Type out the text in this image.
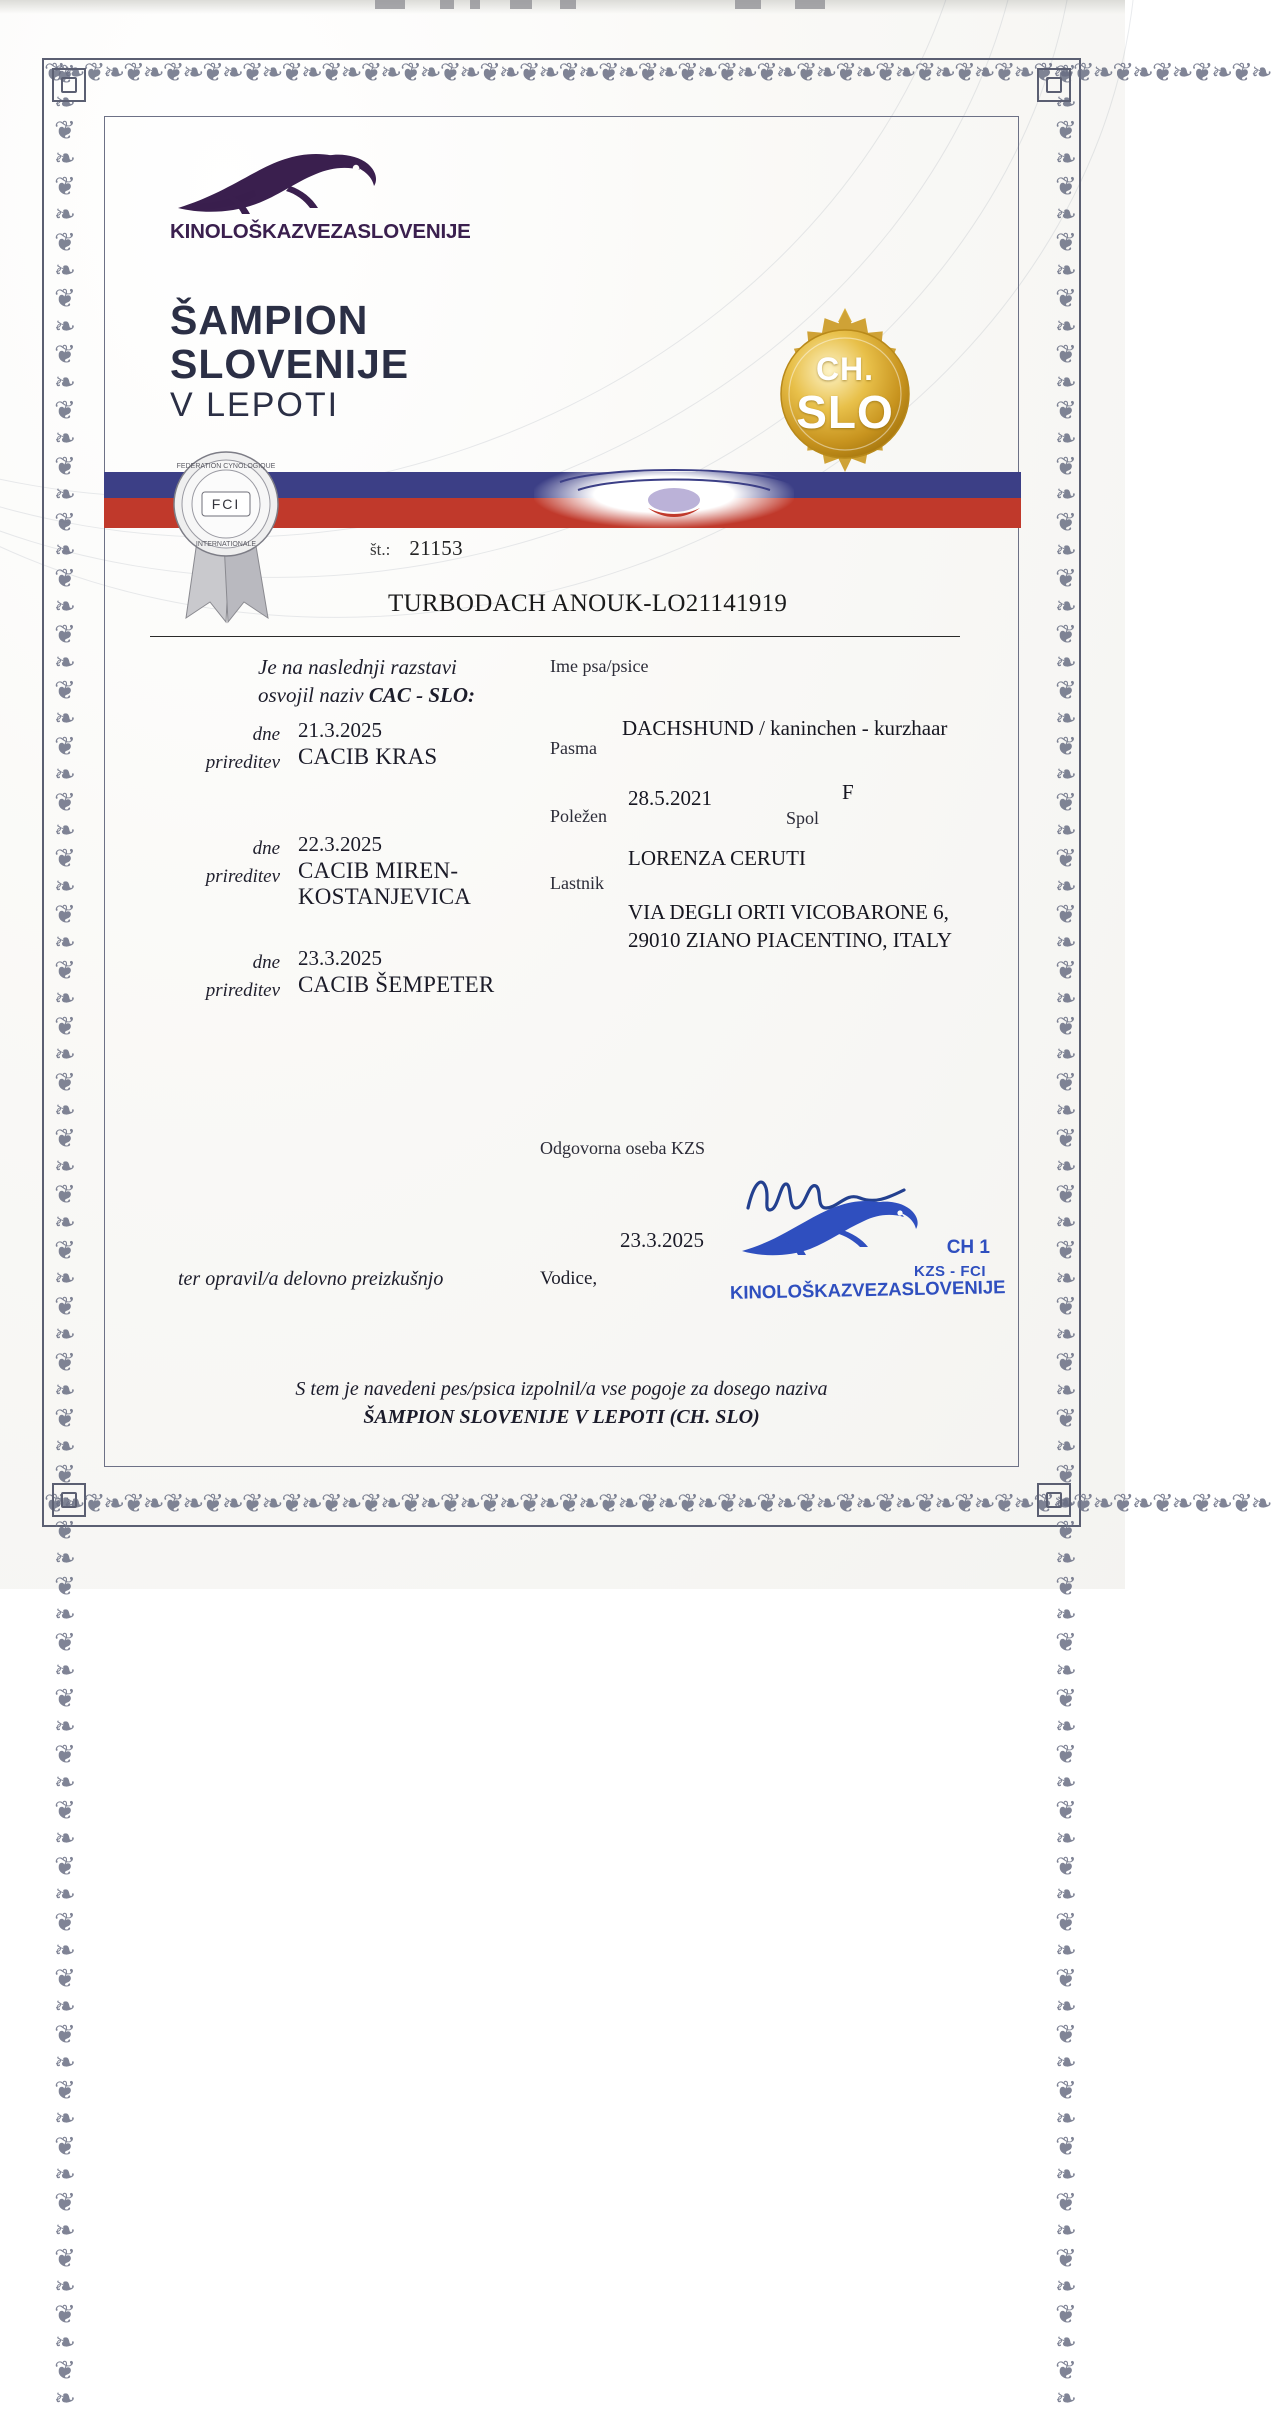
❦❧❦❧❦❧❦❧❦❧❦❧❦❧❦❧❦❧❦❧❦❧❦❧❦❧❦❧❦❧❦❧❦❧❦❧❦❧❦❧❦❧❦❧❦❧❦❧❦❧❦❧❦❧❦❧❦❧❦❧❦❧
❦❧❦❧❦❧❦❧❦❧❦❧❦❧❦❧❦❧❦❧❦❧❦❧❦❧❦❧❦❧❦❧❦❧❦❧❦❧❦❧❦❧❦❧❦❧❦❧❦❧❦❧❦❧❦❧❦❧❦❧❦❧
❦❧❦❧❦❧❦❧❦❧❦❧❦❧❦❧❦❧❦❧❦❧❦❧❦❧❦❧❦❧❦❧❦❧❦❧❦❧❦❧❦❧❦❧❦❧❦❧❦❧❦❧❦❧❦❧❦❧❦❧❦❧❦❧❦❧❦❧❦❧❦❧❦❧❦❧❦❧❦❧❦❧❦❧	❦❧❦❧❦❧❦❧❦❧❦❧❦❧❦❧❦❧❦❧❦❧❦❧❦❧❦❧❦❧❦❧❦❧❦❧❦❧❦❧❦❧❦❧❦❧❦❧❦❧❦❧❦❧❦❧❦❧❦❧❦❧❦❧❦❧❦❧❦❧❦❧❦❧❦❧❦❧❦❧❦❧❦❧
KINOLOŠKAZVEZASLOVENIJE
ŠAMPION
SLOVENIJE
V LEPOTI
CH.
SLO
FCI
FEDERATION CYNOLOGIQUE
INTERNATIONALE	št.: 21153
TURBODACH ANOUK-LO21141919
Je na naslednji razstavi
osvojil naziv CAC - SLO:
dne
prireditev
21.3.2025
CACIB KRAS
dne
prireditev
22.3.2025
CACIB MIREN-KOSTANJEVICA
dne
prireditev
23.3.2025
CACIB ŠEMPETER
Ime psa/psice
Pasma
DACHSHUND / kaninchen - kurzhaar
Poležen
28.5.2021
Spol
F
Lastnik
LORENZA CERUTI
VIA DEGLI ORTI VICOBARONE 6,
29010 ZIANO PIACENTINO, ITALY
Odgovorna oseba KZS
23.3.2025
Vodice,
ter opravil/a delovno preizkušnjo
CH 1
KZS - FCI
KINOLOŠKAZVEZASLOVENIJE
S tem je navedeni pes/psica izpolnil/a vse pogoje za dosego naziva
ŠAMPION SLOVENIJE V LEPOTI (CH. SLO)
